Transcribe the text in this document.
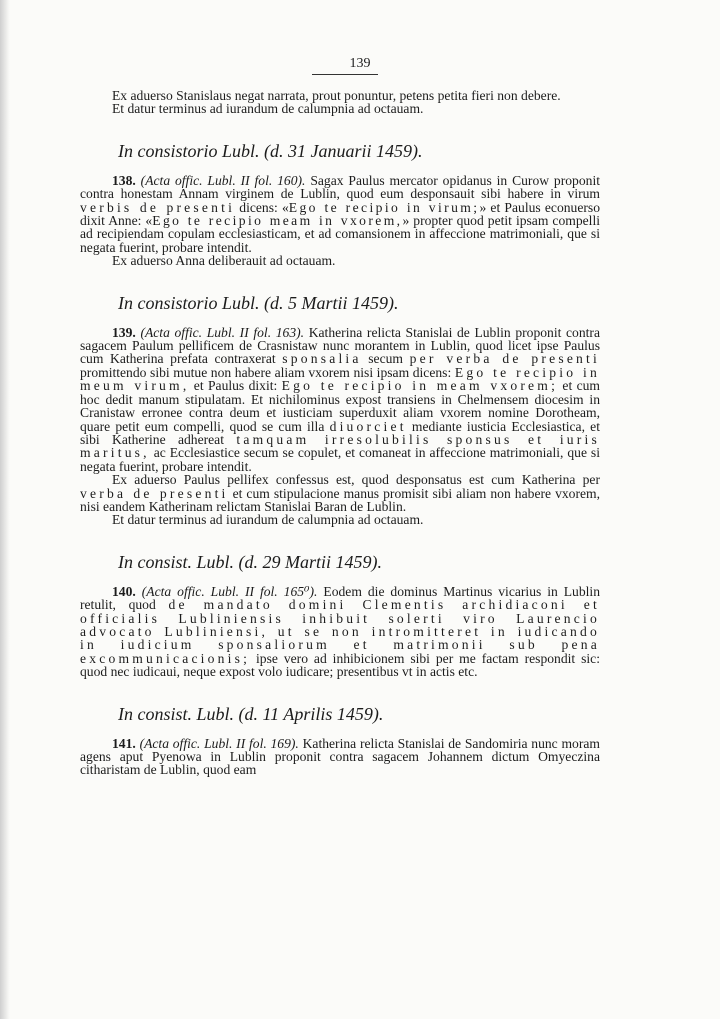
139

Ex aduerso Stanislaus negat narrata, prout ponuntur, petens petita fieri non debere.

Et datur terminus ad iurandum de calumpnia ad octauam.

In consistorio Lubl. (d. 31 Januarii 1459).

138. (Acta offic. Lubl. II fol. 160). Sagax Paulus mercator opidanus in Curow proponit contra honestam Annam virginem de Lublin, quod eum desponsauit sibi habere in virum verbis de presenti dicens: «Ego te recipio in virum;» et Paulus econuerso dixit Anne: «Ego te recipio meam in vxorem,» propter quod petit ipsam compelli ad recipiendam copulam ecclesiasticam, et ad comansionem in affeccione matrimoniali, que si negata fuerint, probare intendit.

Ex aduerso Anna deliberauit ad octauam.

In consistorio Lubl. (d. 5 Martii 1459).

139. (Acta offic. Lubl. II fol. 163). Katherina relicta Stanislai de Lublin proponit contra sagacem Paulum pellificem de Crasnistaw nunc morantem in Lublin, quod licet ipse Paulus cum Katherina prefata contraxerat sponsalia secum per verba de presenti promittendo sibi mutue non habere aliam vxorem nisi ipsam dicens: Ego te recipio in meum virum, et Paulus dixit: Ego te recipio in meam vxorem; et cum hoc dedit manum stipulatam. Et nichilominus expost transiens in Chelmensem diocesim in Cranistaw erronee contra deum et iusticiam superduxit aliam vxorem nomine Dorotheam, quare petit eum compelli, quod se cum illa diuorciet mediante iusticia Ecclesiastica, et sibi Katherine adhereat tamquam irresolubilis sponsus et iuris maritus, ac Ecclesiastice secum se copulet, et comaneat in affeccione matrimoniali, que si negata fuerint, probare intendit.

Ex aduerso Paulus pellifex confessus est, quod desponsatus est cum Katherina per verba de presenti et cum stipulacione manus promisit sibi aliam non habere vxorem, nisi eandem Katherinam relictam Stanislai Baran de Lublin.

Et datur terminus ad iurandum de calumpnia ad octauam.

In consist. Lubl. (d. 29 Martii 1459).

140. (Acta offic. Lubl. II fol. 165⁰). Eodem die dominus Martinus vicarius in Lublin retulit, quod de mandato domini Clementis archidiaconi et officialis Lubliniensis inhibuit solerti viro Laurencio advocato Lubliniensi, ut se non intromitteret in iudicando in iudicium sponsaliorum et matrimonii sub pena excommunicacionis; ipse vero ad inhibicionem sibi per me factam respondit sic: quod nec iudicaui, neque expost volo iudicare; presentibus vt in actis etc.

In consist. Lubl. (d. 11 Aprilis 1459).

141. (Acta offic. Lubl. II fol. 169). Katherina relicta Stanislai de Sandomiria nunc moram agens aput Pyenowa in Lublin proponit contra sagacem Johannem dictum Omyeczina citharistam de Lublin, quod eam
